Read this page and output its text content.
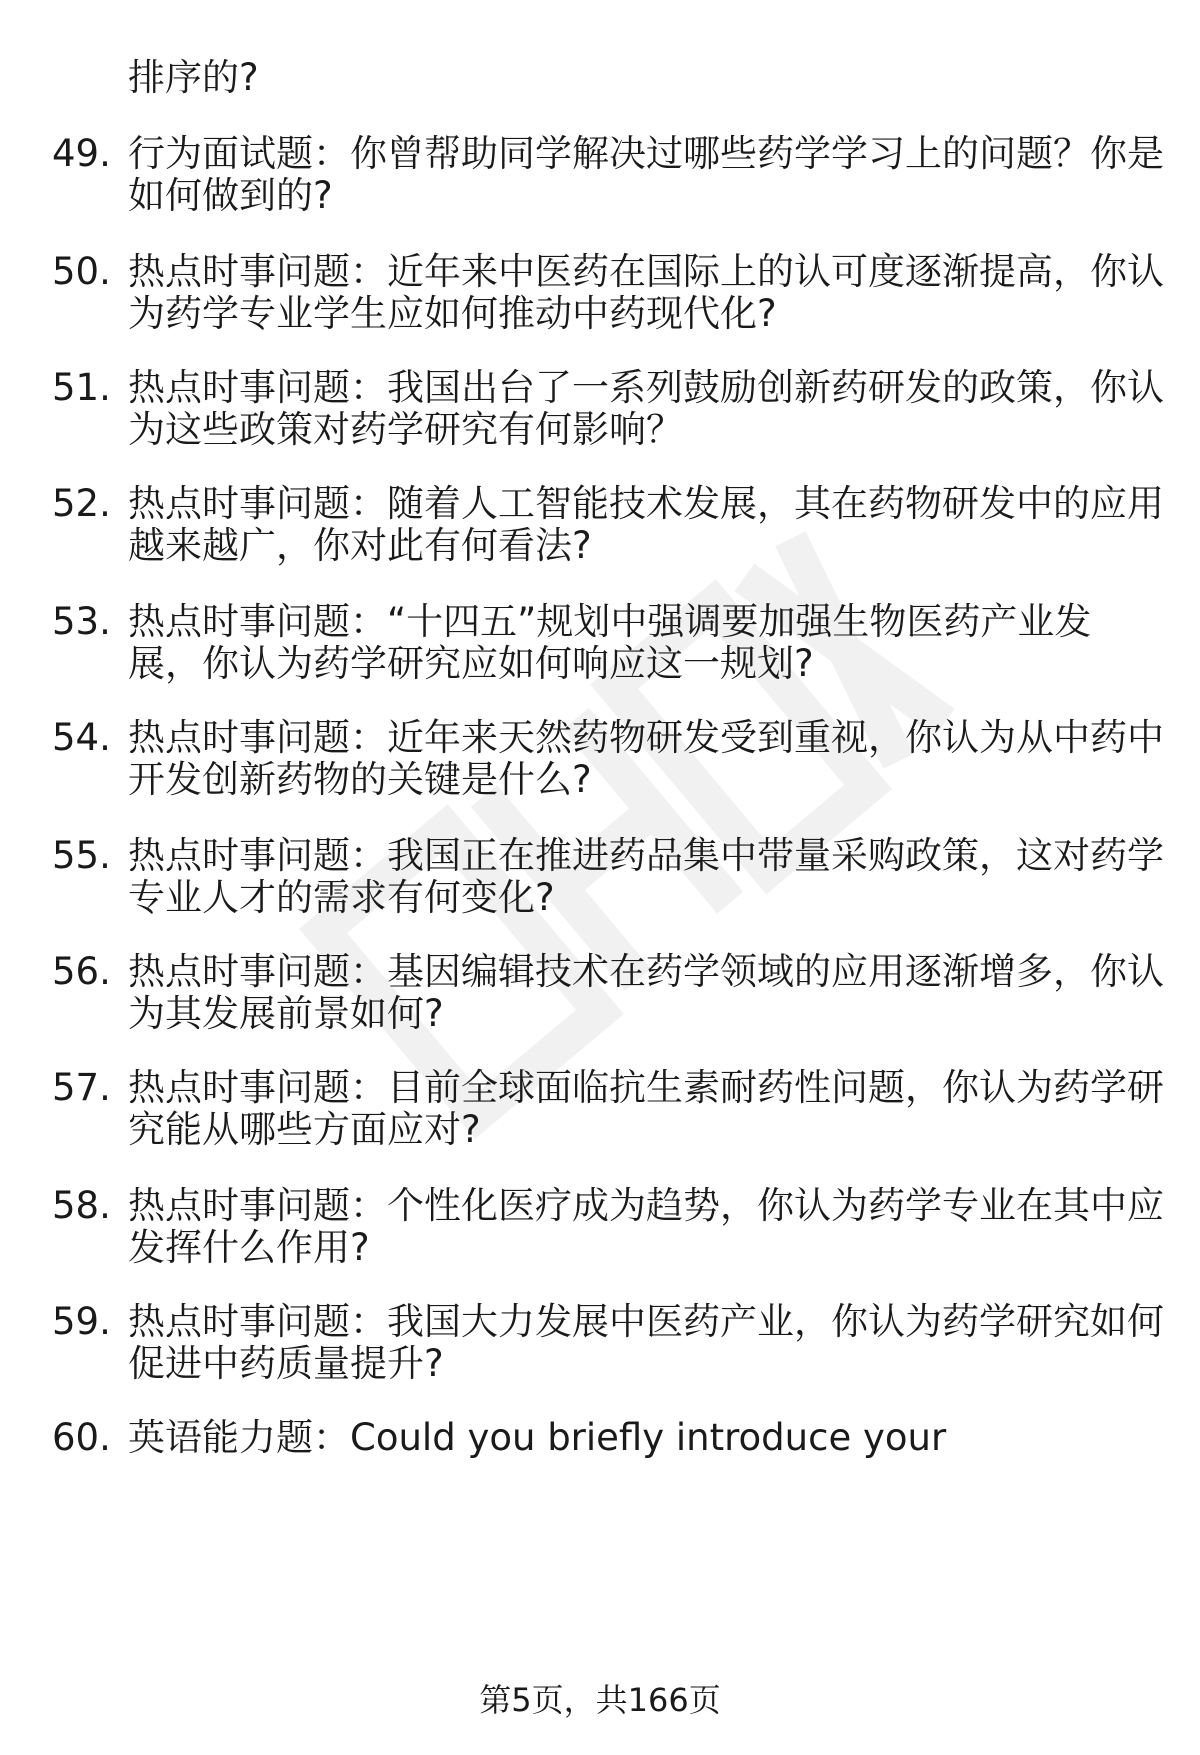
排序的?
49. 行为面试题：你曾帮助同学解决过哪些药学学习上的问题？你是
如何做到的?
50. 热点时事问题：近年来中医药在国际上的认可度逐渐提高，你认
为药学专业学生应如何推动中药现代化?
51. 热点时事问题：我国出台了一系列鼓励创新药研发的政策，你认
为这些政策对药学研究有何影响？
52. 热点时事问题：随着人工智能技术发展，其在药物研发中的应用
越来越广，你对此有何看法?
53. 热点时事问题：“十四五”规划中强调要加强生物医药产业发
展，你认为药学研究应如何响应这一规划?
54. 热点时事问题：近年来天然药物研发受到重视，你认为从中药中
开发创新药物的关键是什么?
55. 热点时事问题：我国正在推进药品集中带量采购政策，这对药学
专业人才的需求有何变化?
56. 热点时事问题：基因编辑技术在药学领域的应用逐渐增多，你认
为其发展前景如何?
57. 热点时事问题：目前全球面临抗生素耐药性问题，你认为药学研
究能从哪些方面应对?
58. 热点时事问题：个性化医疗成为趋势，你认为药学专业在其中应
发挥什么作用?
59. 热点时事问题：我国大力发展中医药产业，你认为药学研究如何
促进中药质量提升?
60. 英语能力题：Could you briefly introduce your
第5页，共166页
